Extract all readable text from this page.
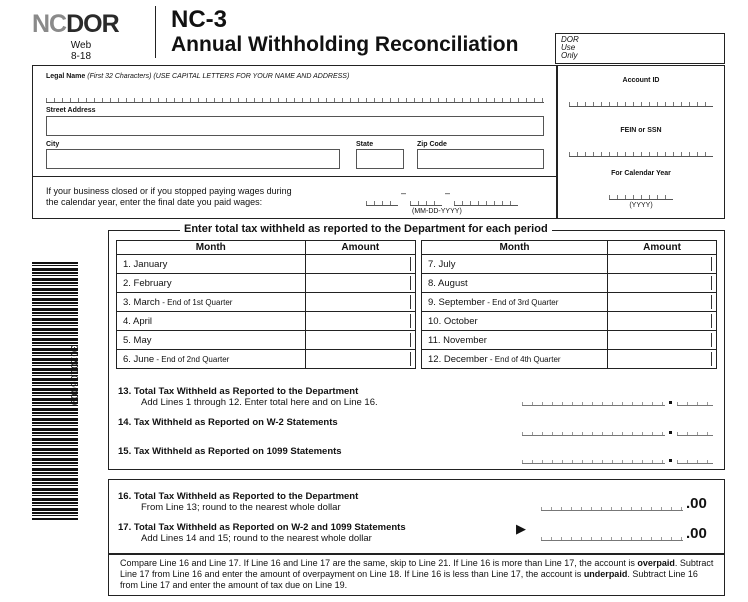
NCDOR
Web
8-18
NC-3
Annual Withholding Reconciliation	DOR
Use
Only
Legal Name (First 32 Characters) (USE CAPITAL LETTERS FOR YOUR NAME AND ADDRESS)
Street Address
City	State	Zip Code
If your business closed or if you stopped paying wages during
the calendar year, enter the final date you paid wages:
–	–
(MM-DD-YYYY)
Account ID
FEIN or SSN
For Calendar Year
(YYYY)
3020106009
Enter total tax withheld as reported to the Department for each period
Month	Amount
1. January	

2. February	

3. March - End of 1st Quarter	

4. April	

5. May	

6. June - End of 2nd Quarter	
Month	Amount
7. July	

8. August	

9. September - End of 3rd Quarter	

10. October	

11. November	

12. December - End of 4th Quarter	
13. Total Tax Withheld as Reported to the Department
Add Lines 1 through 12. Enter total here and on Line 16.
14. Tax Withheld as Reported on W-2 Statements
15. Tax Withheld as Reported on 1099 Statements
16. Total Tax Withheld as Reported to the Department
From Line 13; round to the nearest whole dollar	.00
17. Total Tax Withheld as Reported on W-2 and 1099 Statements
Add Lines 14 and 15; round to the nearest whole dollar
▶	.00
Compare Line 16 and Line 17. If Line 16 and Line 17 are the same, skip to Line 21. If Line 16 is more than Line 17, the account is overpaid. Subtract Line 17 from Line 16 and enter the amount of overpayment on Line 18. If Line 16 is less than Line 17, the account is underpaid. Subtract Line 16 from Line 17 and enter the amount of tax due on Line 19.
